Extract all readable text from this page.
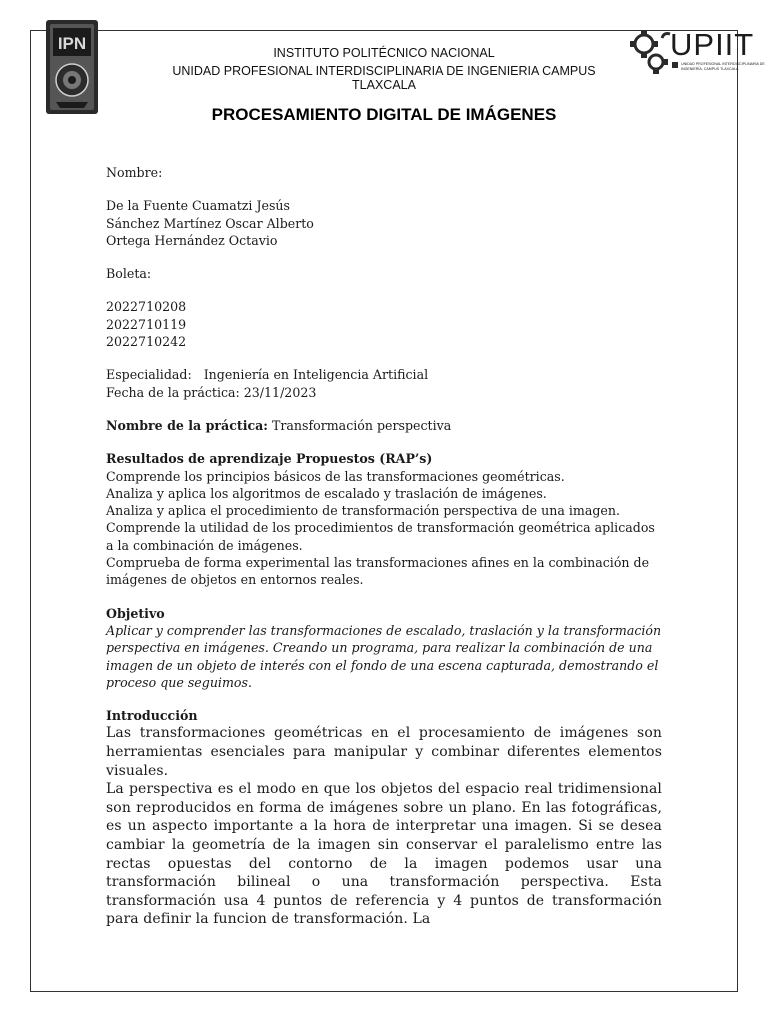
IPN	UPIIT
UNIDAD PROFESIONAL INTERDISCIPLINARIA DE
INGENIERÍA, CAMPUS TLAXCALA
INSTITUTO POLITÉCNICO NACIONAL
UNIDAD PROFESIONAL INTERDISCIPLINARIA DE INGENIERIA CAMPUS TLAXCALA
PROCESAMIENTO DIGITAL DE IMÁGENES

Nombre:

De la Fuente Cuamatzi Jesús

Sánchez Martínez Oscar Alberto

Ortega Hernández Octavio

Boleta:

2022710208

2022710119

2022710242

Especialidad:   Ingeniería en Inteligencia Artificial

Fecha de la práctica: 23/11/2023

Nombre de la práctica: Transformación perspectiva

Resultados de aprendizaje Propuestos (RAP’s)

Comprende los principios básicos de las transformaciones geométricas.

Analiza y aplica los algoritmos de escalado y traslación de imágenes.

Analiza y aplica el procedimiento de transformación perspectiva de una imagen.

Comprende la utilidad de los procedimientos de transformación geométrica aplicados a la combinación de imágenes.

Comprueba de forma experimental las transformaciones afines en la combinación de imágenes de objetos en entornos reales.

Objetivo

Aplicar y comprender las transformaciones de escalado, traslación y la transformación perspectiva en imágenes. Creando un programa, para realizar la combinación de una imagen de un objeto de interés con el fondo de una escena capturada, demostrando el proceso que seguimos.

Introducción

Las transformaciones geométricas en el procesamiento de imágenes son herramientas esenciales para manipular y combinar diferentes elementos visuales.

La perspectiva es el modo en que los objetos del espacio real tridimensional son reproducidos en forma de imágenes sobre un plano. En las fotográficas, es un aspecto importante a la hora de interpretar una imagen. Si se desea cambiar la geometría de la imagen sin conservar el paralelismo entre las rectas opuestas del contorno de la imagen podemos usar una transformación bilineal o una transformación perspectiva. Esta transformación usa 4 puntos de referencia y 4 puntos de transformación para definir la funcion de transformación. La
